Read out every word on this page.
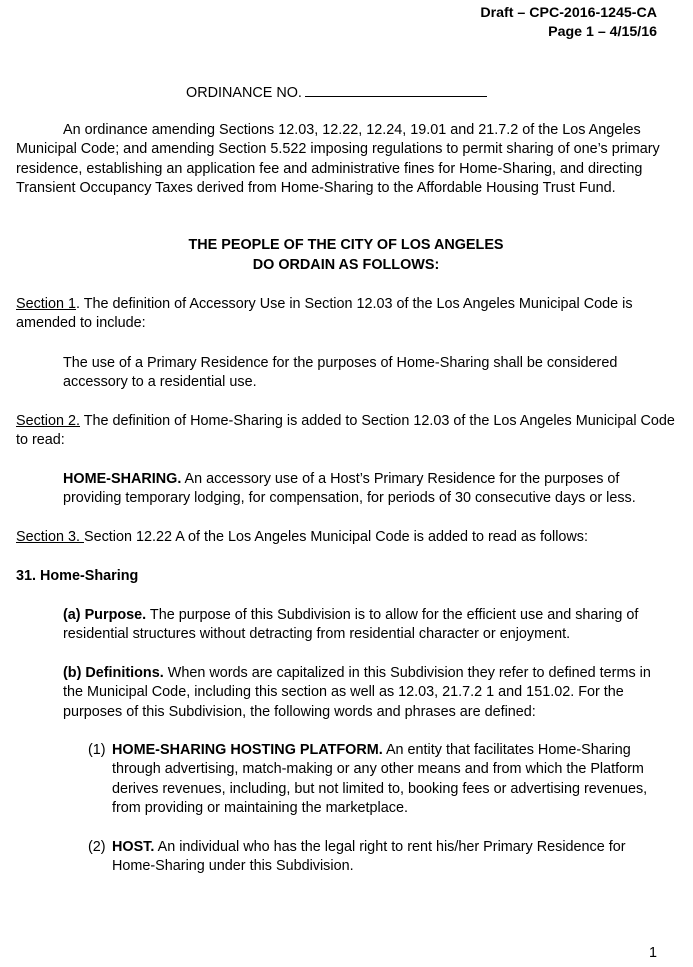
Draft – CPC-2016-1245-CA
Page 1 – 4/15/16
ORDINANCE NO.
An ordinance amending Sections 12.03, 12.22, 12.24, 19.01 and 21.7.2 of the Los Angeles Municipal Code; and amending Section 5.522 imposing regulations to permit sharing of one’s primary residence, establishing an application fee and administrative fines for Home-Sharing, and directing Transient Occupancy Taxes derived from Home-Sharing to the Affordable Housing Trust Fund.
THE PEOPLE OF THE CITY OF LOS ANGELES
DO ORDAIN AS FOLLOWS:
Section 1. The definition of Accessory Use in Section 12.03 of the Los Angeles Municipal Code is amended to include:
The use of a Primary Residence for the purposes of Home-Sharing shall be considered accessory to a residential use.
Section 2. The definition of Home-Sharing is added to Section 12.03 of the Los Angeles Municipal Code to read:
HOME-SHARING. An accessory use of a Host’s Primary Residence for the purposes of providing temporary lodging, for compensation, for periods of 30 consecutive days or less.
Section 3. Section 12.22 A of the Los Angeles Municipal Code is added to read as follows:
31. Home-Sharing
(a) Purpose. The purpose of this Subdivision is to allow for the efficient use and sharing of residential structures without detracting from residential character or enjoyment.
(b) Definitions. When words are capitalized in this Subdivision they refer to defined terms in the Municipal Code, including this section as well as 12.03, 21.7.2 1 and 151.02. For the purposes of this Subdivision, the following words and phrases are defined:
(1) HOME-SHARING HOSTING PLATFORM. An entity that facilitates Home-Sharing through advertising, match-making or any other means and from which the Platform derives revenues, including, but not limited to, booking fees or advertising revenues, from providing or maintaining the marketplace.
(2) HOST. An individual who has the legal right to rent his/her Primary Residence for Home-Sharing under this Subdivision.
1
